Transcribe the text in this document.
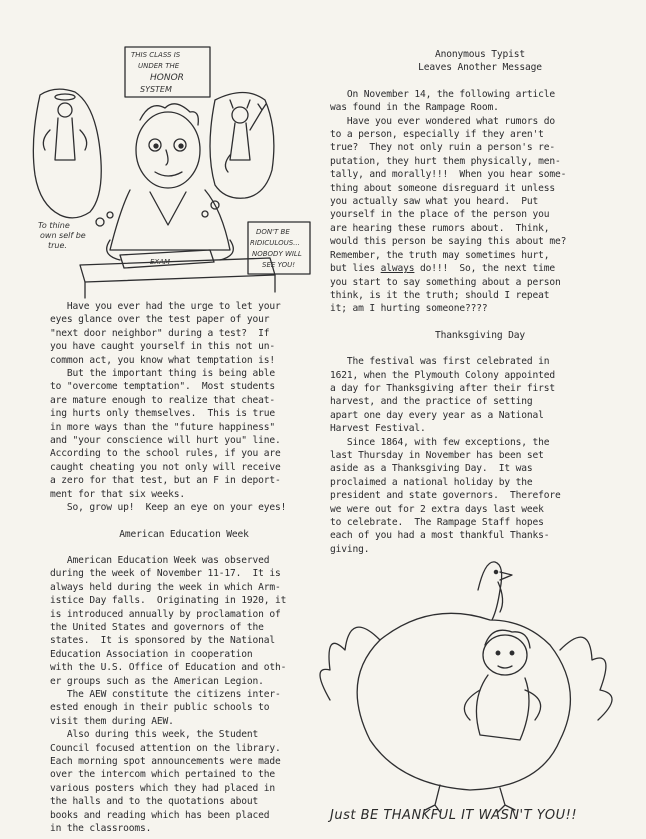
THIS CLASS IS
UNDER THE
HONOR
SYSTEM
To thine
own self be
true.
DON'T BE
RIDICULOUS...
NOBODY WILL
SEE YOU!
EXAM

Have you ever had the urge to let your
eyes glance over the test paper of your
"next door neighbor" during a test?  If
you have caught yourself in this not un-
common act, you know what temptation is!

But the important thing is being able
to "overcome temptation".  Most students
are mature enough to realize that cheat-
ing hurts only themselves.  This is true
in more ways than the "future happiness"
and "your conscience will hurt you" line.
According to the school rules, if you are
caught cheating you not only will receive
a zero for that test, but an F in deport-
ment for that six weeks.

So, grow up!  Keep an eye on your eyes!

American Education Week

American Education Week was observed
during the week of November 11-17.  It is
always held during the week in which Arm-
istice Day falls.  Originating in 1920, it
is introduced annually by proclamation of
the United States and governors of the
states.  It is sponsored by the National
Education Association in cooperation
with the U.S. Office of Education and oth-
er groups such as the American Legion.

The AEW constitute the citizens inter-
ested enough in their public schools to
visit them during AEW.

Also during this week, the Student
Council focused attention on the library.
Each morning spot announcements were made
over the intercom which pertained to the
various posters which they had placed in
the halls and to the quotations about
books and reading which has been placed
in the classrooms.

Anonymous Typist

Leaves Another Message

On November 14, the following article
was found in the Rampage Room.

Have you ever wondered what rumors do
to a person, especially if they aren't
true?  They not only ruin a person's re-
putation, they hurt them physically, men-
tally, and morally!!!  When you hear some-
thing about someone disreguard it unless
you actually saw what you heard.  Put
yourself in the place of the person you
are hearing these rumors about.  Think,
would this person be saying this about me?
Remember, the truth may sometimes hurt,
but lies always do!!!  So, the next time
you start to say something about a person
think, is it the truth; should I repeat
it; am I hurting someone????

Thanksgiving Day

The festival was first celebrated in
1621, when the Plymouth Colony appointed
a day for Thanksgiving after their first
harvest, and the practice of setting
apart one day every year as a National
Harvest Festival.

Since 1864, with few exceptions, the
last Thursday in November has been set
aside as a Thanksgiving Day.  It was
proclaimed a national holiday by the
president and state governors.  Therefore
we were out for 2 extra days last week
to celebrate.  The Rampage Staff hopes
each of you had a most thankful Thanks-
giving.

Just BE THANKFUL IT WASN'T YOU!!
